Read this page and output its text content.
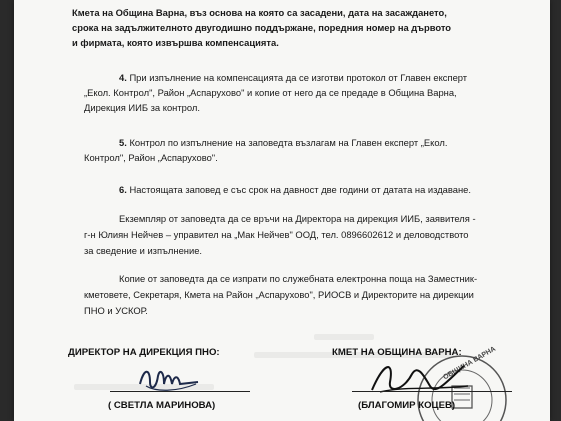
Кмета на Община Варна, въз основа на която са засадени, дата на засаждането,
срока на задължителното двугодишно поддържане, поредния номер на дървото
и фирмата, която извършва компенсацията.
4. При изпълнение на компенсацията да се изготви протокол от Главен експерт
„Екол. Контрол", Район „Аспарухово" и копие от него да се предаде в Община Варна,
Дирекция ИИБ за контрол.
5. Контрол по изпълнение на заповедта възлагам на Главен експерт „Екол.
Контрол", Район „Аспарухово".
6. Настоящата заповед е със срок на давност две години от датата на издаване.
Екземпляр от заповедта да се връчи на Директора на дирекция ИИБ, заявителя -
г-н Юлиян Нейчев – управител на „Мак Нейчев" ООД, тел. 0896602612 и деловодството
за сведение и изпълнение.
Копие от заповедта да се изпрати по служебната електронна поща на Заместник-
кметовете, Секретаря, Кмета на Район „Аспарухово", РИОСВ и Директорите на дирекции
ПНО и УСКОР.
ДИРЕКТОР НА ДИРЕКЦИЯ ПНО:	КМЕТ НА ОБЩИНА ВАРНА:
ОБЩИНА ВАРНА
( СВЕТЛА МАРИНОВА)	(БЛАГОМИР КОЦЕВ)
